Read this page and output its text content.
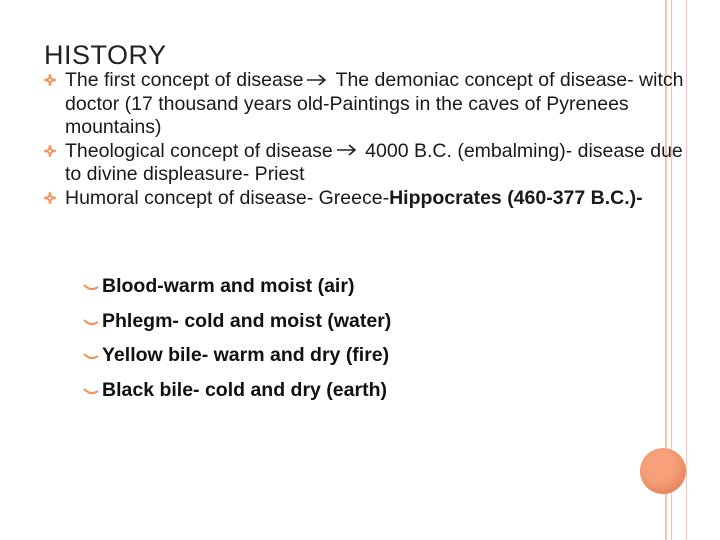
HISTORY
The first concept of disease
The demoniac concept of disease- witch doctor (17 thousand years old-Paintings in the caves of Pyrenees mountains)
Theological concept of disease
4000 B.C. (embalming)- disease due to divine displeasure- Priest
Humoral concept of disease- Greece-Hippocrates (460-377 B.C.)-
Blood-warm and moist (air)
Phlegm- cold and moist (water)
Yellow bile- warm and dry (fire)
Black bile- cold and dry (earth)
